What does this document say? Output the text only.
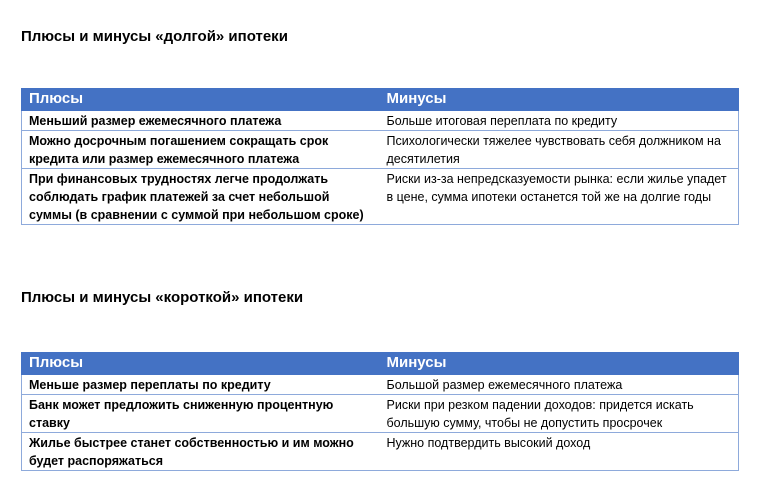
Плюсы и минусы «долгой» ипотеки
Плюсы	Минусы
Меньший размер ежемесячного платежа	Больше итоговая переплата по кредиту
Можно досрочным погашением сокращать срок кредита или размер ежемесячного платежа	Психологически тяжелее чувствовать себя должником на десятилетия
При финансовых трудностях легче продолжать соблюдать график платежей за счет небольшой суммы (в сравнении с суммой при небольшом сроке)	Риски из-за непредсказуемости рынка: если жилье упадет в цене, сумма ипотеки останется той же на долгие годы
Плюсы и минусы «короткой» ипотеки
Плюсы	Минусы
Меньше размер переплаты по кредиту	Большой размер ежемесячного платежа
Банк может предложить сниженную процентную ставку	Риски при резком падении доходов: придется искать большую сумму, чтобы не допустить просрочек
Жилье быстрее станет собственностью и им можно будет распоряжаться	Нужно подтвердить высокий доход
